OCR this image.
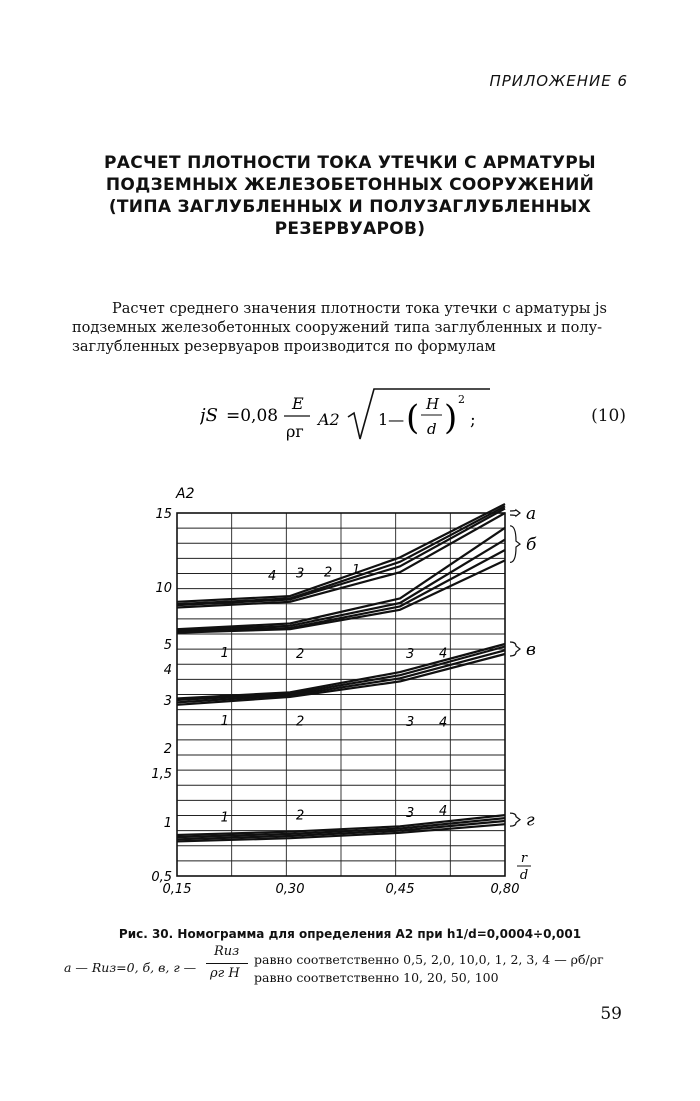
ПРИЛОЖЕНИЕ 6
РАСЧЕТ ПЛОТНОСТИ ТОКА УТЕЧКИ С АРМАТУРЫ
ПОДЗЕМНЫХ ЖЕЛЕЗОБЕТОННЫХ СООРУЖЕНИЙ
(ТИПА ЗАГЛУБЛЕННЫХ И ПОЛУЗАГЛУБЛЕННЫХ
РЕЗЕРВУАРОВ)
Расчет среднего значения плотности тока утечки с арматуры js
подземных железобетонных сооружений типа заглубленных и полу-
заглубленных резервуаров производится по формулам
jS =0,08
E
ρг
A2 1— ( H
d ) 2
;	(10)
A2
15
10
5
4
3
2
1,5
1
0,5
0,15	0,30	0,45	0,80
r
d
а
4 3 2 1
б
1	2	3 4	в
1	2	3 4
г
1	2	3 4
Рис. 30. Номограмма для определения A2 при h1/d=0,0004÷0,001
а — Rиз=0, б, в, г —
Rиз
ρг H
равно соответственно 0,5, 2,0, 10,0, 1, 2, 3, 4 — ρб/ρг
равно соответственно 10, 20, 50, 100
59
